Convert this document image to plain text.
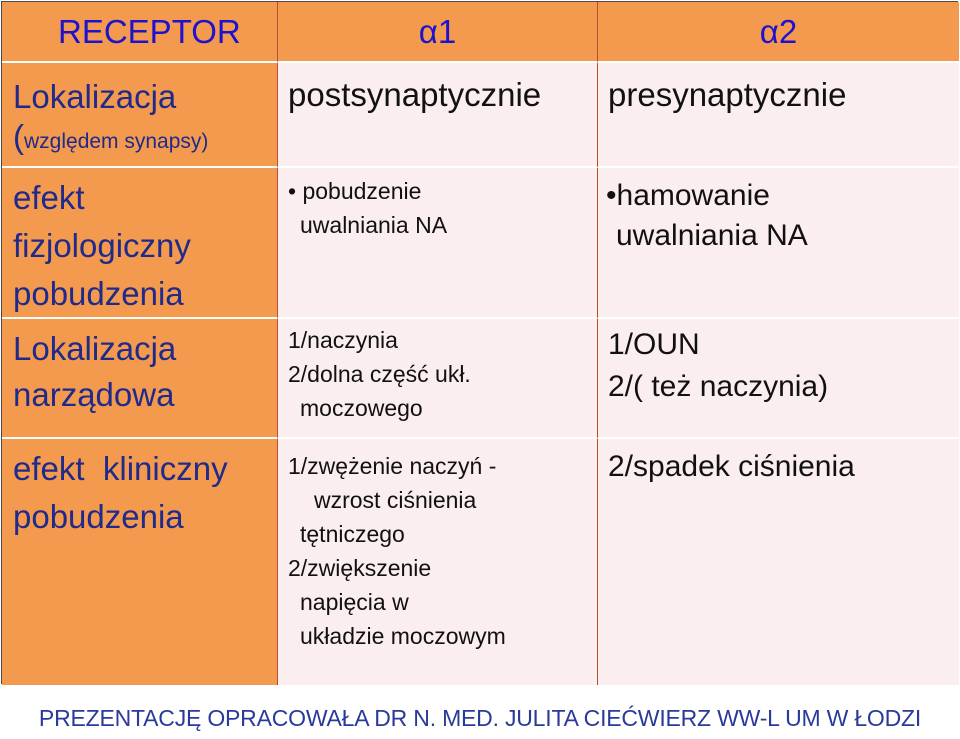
RECEPTOR	α1	α2
Lokalizacja
(względem synapsy)
postsynaptycznie presynaptycznie
efekt
fizjologiczny
pobudzenia
• pobudzenie
uwalniania NA
•hamowanie
uwalniania NA
Lokalizacja
narządowa
1/naczynia
2/dolna część ukł.
moczowego
1/OUN
2/( też naczynia)
efekt  kliniczny
pobudzenia
1/zwężenie naczyń -
wzrost ciśnienia
tętniczego
2/zwiększenie
napięcia w
układzie moczowym
2/spadek ciśnienia
PREZENTACJĘ OPRACOWAŁA DR N. MED. JULITA CIEĆWIERZ WW-L UM W ŁODZI
